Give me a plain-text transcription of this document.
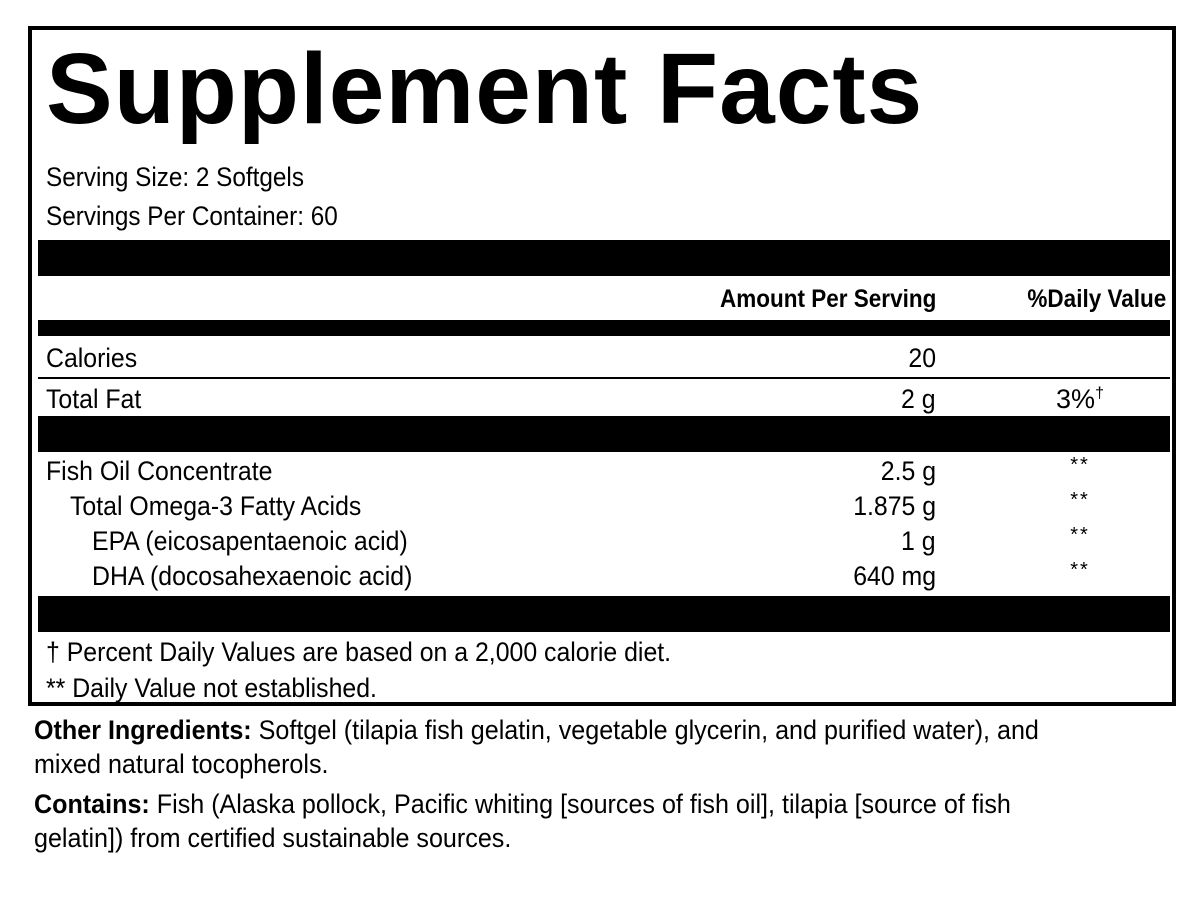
Supplement Facts
Serving Size: 2 Softgels
Servings Per Container: 60
Amount Per Serving	%Daily Value
Calories	20
Total Fat	2 g	3%†
Fish Oil Concentrate	2.5 g	**
Total Omega-3 Fatty Acids	1.875 g	**
EPA (eicosapentaenoic acid)	1 g	**
DHA (docosahexaenoic acid)	640 mg	**
† Percent Daily Values are based on a 2,000 calorie diet.
** Daily Value not established.
Other Ingredients: Softgel (tilapia fish gelatin, vegetable glycerin, and purified water), and mixed natural tocopherols.
Contains: Fish (Alaska pollock, Pacific whiting [sources of fish oil], tilapia [source of fish gelatin]) from certified sustainable sources.
